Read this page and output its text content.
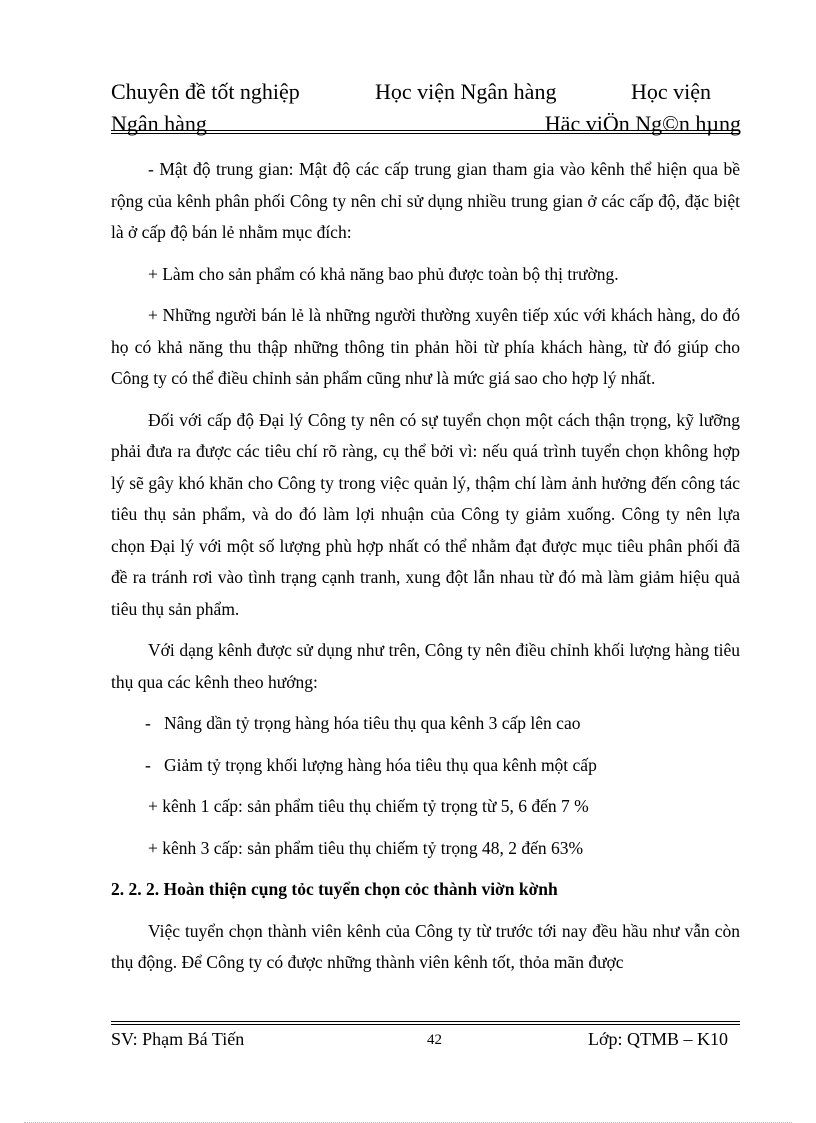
Chuyên đề tốt nghiệp	Học viện Ngân hàng	Học viện
Ngân hàng	Häc viÖn Ng©n hµng

- Mật độ trung gian: Mật độ các cấp trung gian tham gia vào kênh thể hiện qua bề rộng của kênh phân phối Công ty nên chỉ sử dụng nhiều trung gian ở các cấp độ, đặc biệt là ở cấp độ bán lẻ nhằm mục đích:

+ Làm cho sản phẩm có khả năng bao phủ được toàn bộ thị trường.

+ Những người bán lẻ là những người thường xuyên tiếp xúc với khách hàng, do đó họ có khả năng thu thập những thông tin phản hồi từ phía khách hàng, từ đó giúp cho Công ty có thể điều chỉnh sản phẩm cũng như là mức giá sao cho hợp lý nhất.

Đối với cấp độ Đại lý Công ty nên có sự tuyển chọn một cách thận trọng, kỹ lưỡng phải đưa ra được các tiêu chí rõ ràng, cụ thể bởi vì: nếu quá trình tuyển chọn không hợp lý sẽ gây khó khăn cho Công ty trong việc quản lý, thậm chí làm ảnh hưởng đến công tác tiêu thụ sản phẩm, và do đó làm lợi nhuận của Công ty giảm xuống. Công ty nên lựa chọn Đại lý với một số lượng phù hợp nhất có thể nhằm đạt được mục tiêu phân phối đã đề ra tránh rơi vào tình trạng cạnh tranh, xung đột lẫn nhau từ đó mà làm giảm hiệu quả tiêu thụ sản phẩm.

Với dạng kênh được sử dụng như trên, Công ty nên điều chỉnh khối lượng hàng tiêu thụ qua các kênh theo hướng:

- Nâng dần tỷ trọng hàng hóa tiêu thụ qua kênh 3 cấp lên cao

- Giảm tỷ trọng khối lượng hàng hóa tiêu thụ qua kênh một cấp

+ kênh 1 cấp: sản phẩm tiêu thụ chiếm tỷ trọng từ 5, 6 đến 7 %

+ kênh 3 cấp: sản phẩm tiêu thụ chiếm tỷ trọng 48, 2 đến 63%

2. 2. 2. Hoàn thiện cụng tỏc tuyển chọn cỏc thành viờn kờnh

Việc tuyển chọn thành viên kênh của Công ty từ trước tới nay đều hầu như vẫn còn thụ động. Để Công ty có được những thành viên kênh tốt, thỏa mãn được

SV: Phạm Bá Tiến	42	Lớp: QTMB – K10
